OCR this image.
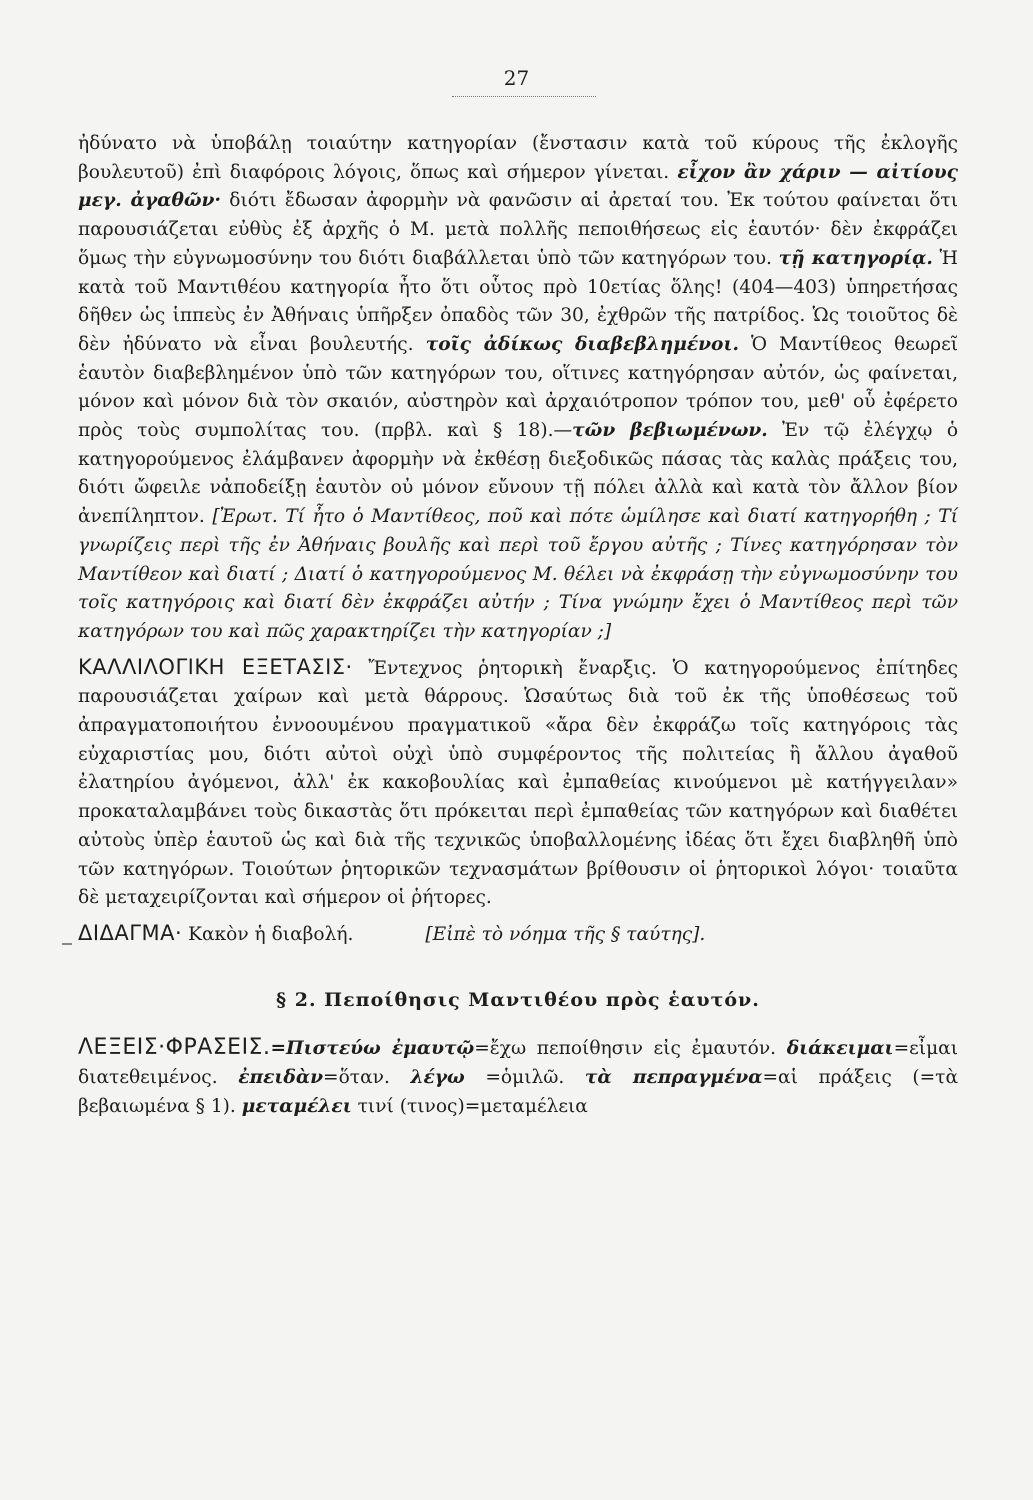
27

ἠδύνατο νὰ ὑποβάλῃ τοιαύτην κατηγορίαν (ἔνστασιν κατὰ τοῦ κύρους τῆς ἐκλογῆς βουλευτοῦ) ἐπὶ διαφόροις λόγοις, ὅπως καὶ σήμερον γίνεται. εἶχον ἂν χάριν — αἰτίους μεγ. ἀγαθῶν· διότι ἔδωσαν ἀφορμὴν νὰ φανῶσιν αἱ ἀρεταί του. Ἐκ τούτου φαίνεται ὅτι παρουσιάζεται εὐθὺς ἐξ ἀρχῆς ὁ Μ. μετὰ πολλῆς πεποιθήσεως εἰς ἑαυτόν· δὲν ἐκφράζει ὅμως τὴν εὐγνωμοσύνην του διότι διαβάλλεται ὑπὸ τῶν κατηγόρων του. τῇ κατηγορίᾳ. Ἡ κατὰ τοῦ Μαντιθέου κατηγορία ἦτο ὅτι οὗτος πρὸ 10ετίας ὅλης! (404—403) ὑπηρετήσας δῆθεν ὡς ἱππεὺς ἐν Ἀθήναις ὑπῆρξεν ὀπαδὸς τῶν 30, ἐχθρῶν τῆς πατρίδος. Ὡς τοιοῦτος δὲ δὲν ἠδύνατο νὰ εἶναι βουλευτής. τοῖς ἀδίκως διαβεβλημένοι. Ὁ Μαντίθεος θεωρεῖ ἑαυτὸν διαβεβλημένον ὑπὸ τῶν κατηγόρων του, οἵτινες κατηγόρησαν αὐτόν, ὡς φαίνεται, μόνον καὶ μόνον διὰ τὸν σκαιόν, αὐστηρὸν καὶ ἀρχαιότροπον τρόπον του, μεθ' οὗ ἐφέρετο πρὸς τοὺς συμπολίτας του. (πρβλ. καὶ § 18).—τῶν βεβιωμένων. Ἐν τῷ ἐλέγχῳ ὁ κατηγορούμενος ἐλάμβανεν ἀφορμὴν νὰ ἐκθέσῃ διεξοδικῶς πάσας τὰς καλὰς πράξεις του, διότι ὤφειλε νἀποδείξῃ ἑαυτὸν οὐ μόνον εὔνουν τῇ πόλει ἀλλὰ καὶ κατὰ τὸν ἄλλον βίον ἀνεπίληπτον. [Ἐρωτ. Τί ἦτο ὁ Μαντίθεος, ποῦ καὶ πότε ὡμίλησε καὶ διατί κατηγορήθη ; Τί γνωρίζεις περὶ τῆς ἐν Ἀθήναις βουλῆς καὶ περὶ τοῦ ἔργου αὐτῆς ; Τίνες κατηγόρησαν τὸν Μαντίθεον καὶ διατί ; Διατί ὁ κατηγορούμενος Μ. θέλει νὰ ἐκφράσῃ τὴν εὐγνωμοσύνην του τοῖς κατηγόροις καὶ διατί δὲν ἐκφράζει αὐτήν ; Τίνα γνώμην ἔχει ὁ Μαντίθεος περὶ τῶν κατηγόρων του καὶ πῶς χαρακτηρίζει τὴν κατηγορίαν ;]

ΚΑΛΛΙΛΟΓΙΚΗ ΕΞΕΤΑΣΙΣ· Ἔντεχνος ῥητορικὴ ἔναρξις. Ὁ κατηγορούμενος ἐπίτηδες παρουσιάζεται χαίρων καὶ μετὰ θάρρους. Ὡσαύτως διὰ τοῦ ἐκ τῆς ὑποθέσεως τοῦ ἀπραγματοποιήτου ἐννοουμένου πραγματικοῦ «ἄρα δὲν ἐκφράζω τοῖς κατηγόροις τὰς εὐχαριστίας μου, διότι αὐτοὶ οὐχὶ ὑπὸ συμφέροντος τῆς πολιτείας ἢ ἄλλου ἀγαθοῦ ἐλατηρίου ἀγόμενοι, ἀλλ' ἐκ κακοβουλίας καὶ ἐμπαθείας κινούμενοι μὲ κατήγγειλαν» προκαταλαμβάνει τοὺς δικαστὰς ὅτι πρόκειται περὶ ἐμπαθείας τῶν κατηγόρων καὶ διαθέτει αὐτοὺς ὑπὲρ ἑαυτοῦ ὡς καὶ διὰ τῆς τεχνικῶς ὑποβαλλομένης ἰδέας ὅτι ἔχει διαβληθῆ ὑπὸ τῶν κατηγόρων. Τοιούτων ῥητορικῶν τεχνασμάτων βρίθουσιν οἱ ῥητορικοὶ λόγοι· τοιαῦτα δὲ μεταχειρίζονται καὶ σήμερον οἱ ῥήτορες.

ΔΙΔΑΓΜΑ· Κακὸν ἡ διαβολή.	[Εἰπὲ τὸ νόημα τῆς § ταύτης].

§ 2. Πεποίθησις Μαντιθέου πρὸς ἑαυτόν.

ΛΕΞΕΙΣ·ΦΡΑΣΕΙΣ.=Πιστεύω ἐμαυτῷ=ἔχω πεποίθησιν εἰς ἐμαυτόν. διάκειμαι=εἶμαι διατεθειμένος. ἐπειδὰν=ὅταν. λέγω =ὁμιλῶ. τὰ πεπραγμένα=αἱ πράξεις (=τὰ βεβαιωμένα § 1). μεταμέλει τινί (τινος)=μεταμέλεια
